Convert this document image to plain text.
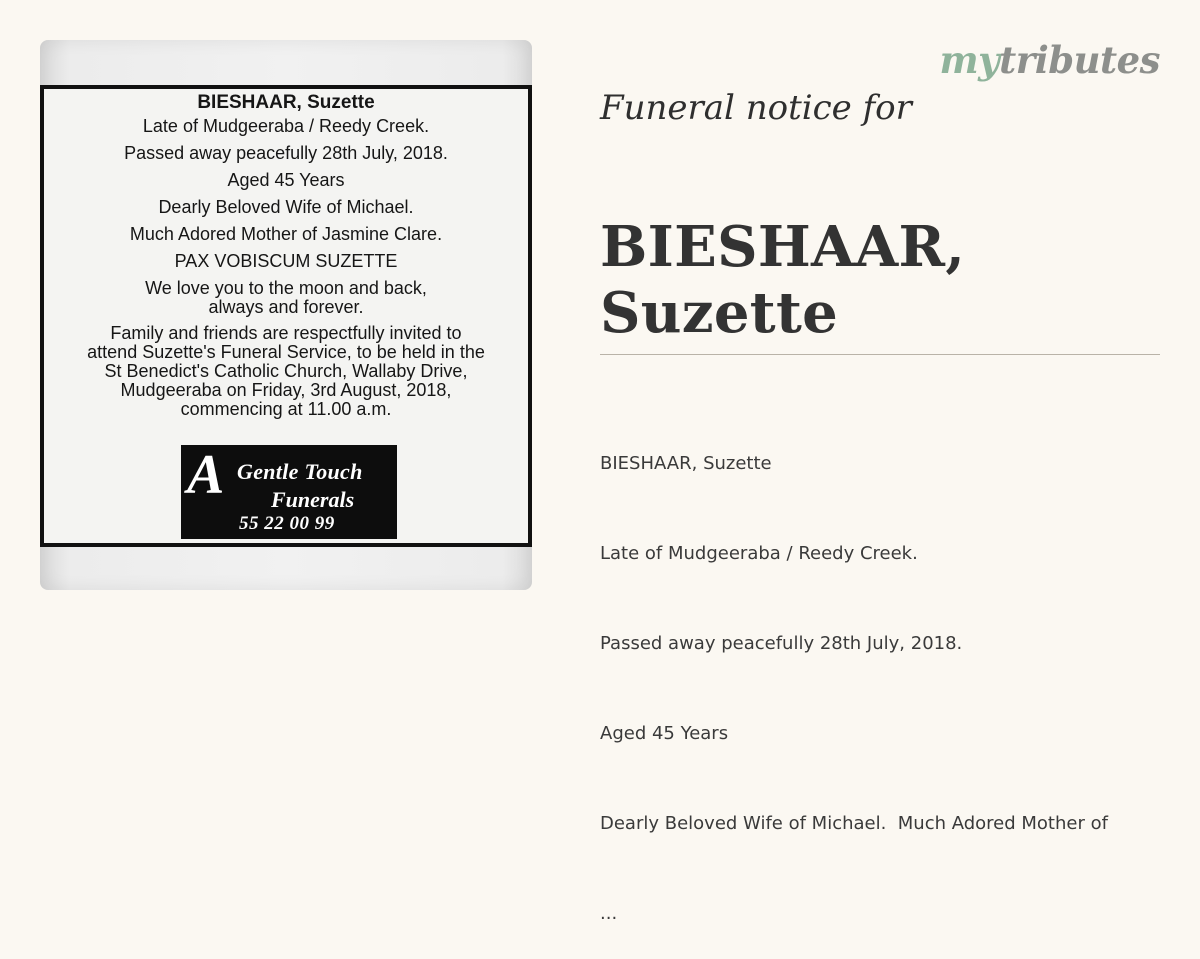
BIESHAAR, Suzette
Late of Mudgeeraba / Reedy Creek.
Passed away peacefully 28th July, 2018.
Aged 45 Years
Dearly Beloved Wife of Michael.
Much Adored Mother of Jasmine Clare.
PAX VOBISCUM SUZETTE
We love you to the moon and back,
always and forever.
Family and friends are respectfully invited to
attend Suzette's Funeral Service, to be held in the
St Benedict's Catholic Church, Wallaby Drive,
Mudgeeraba on Friday, 3rd August, 2018,
commencing at 11.00 a.m.
A Gentle Touch
Funerals
55 22 00 99
mytributes
Funeral notice for
BIESHAAR, Suzette

BIESHAAR, Suzette

Late of Mudgeeraba / Reedy Creek.

Passed away peacefully 28th July, 2018.

Aged 45 Years

Dearly Beloved Wife of Michael.  Much Adored Mother of

...
